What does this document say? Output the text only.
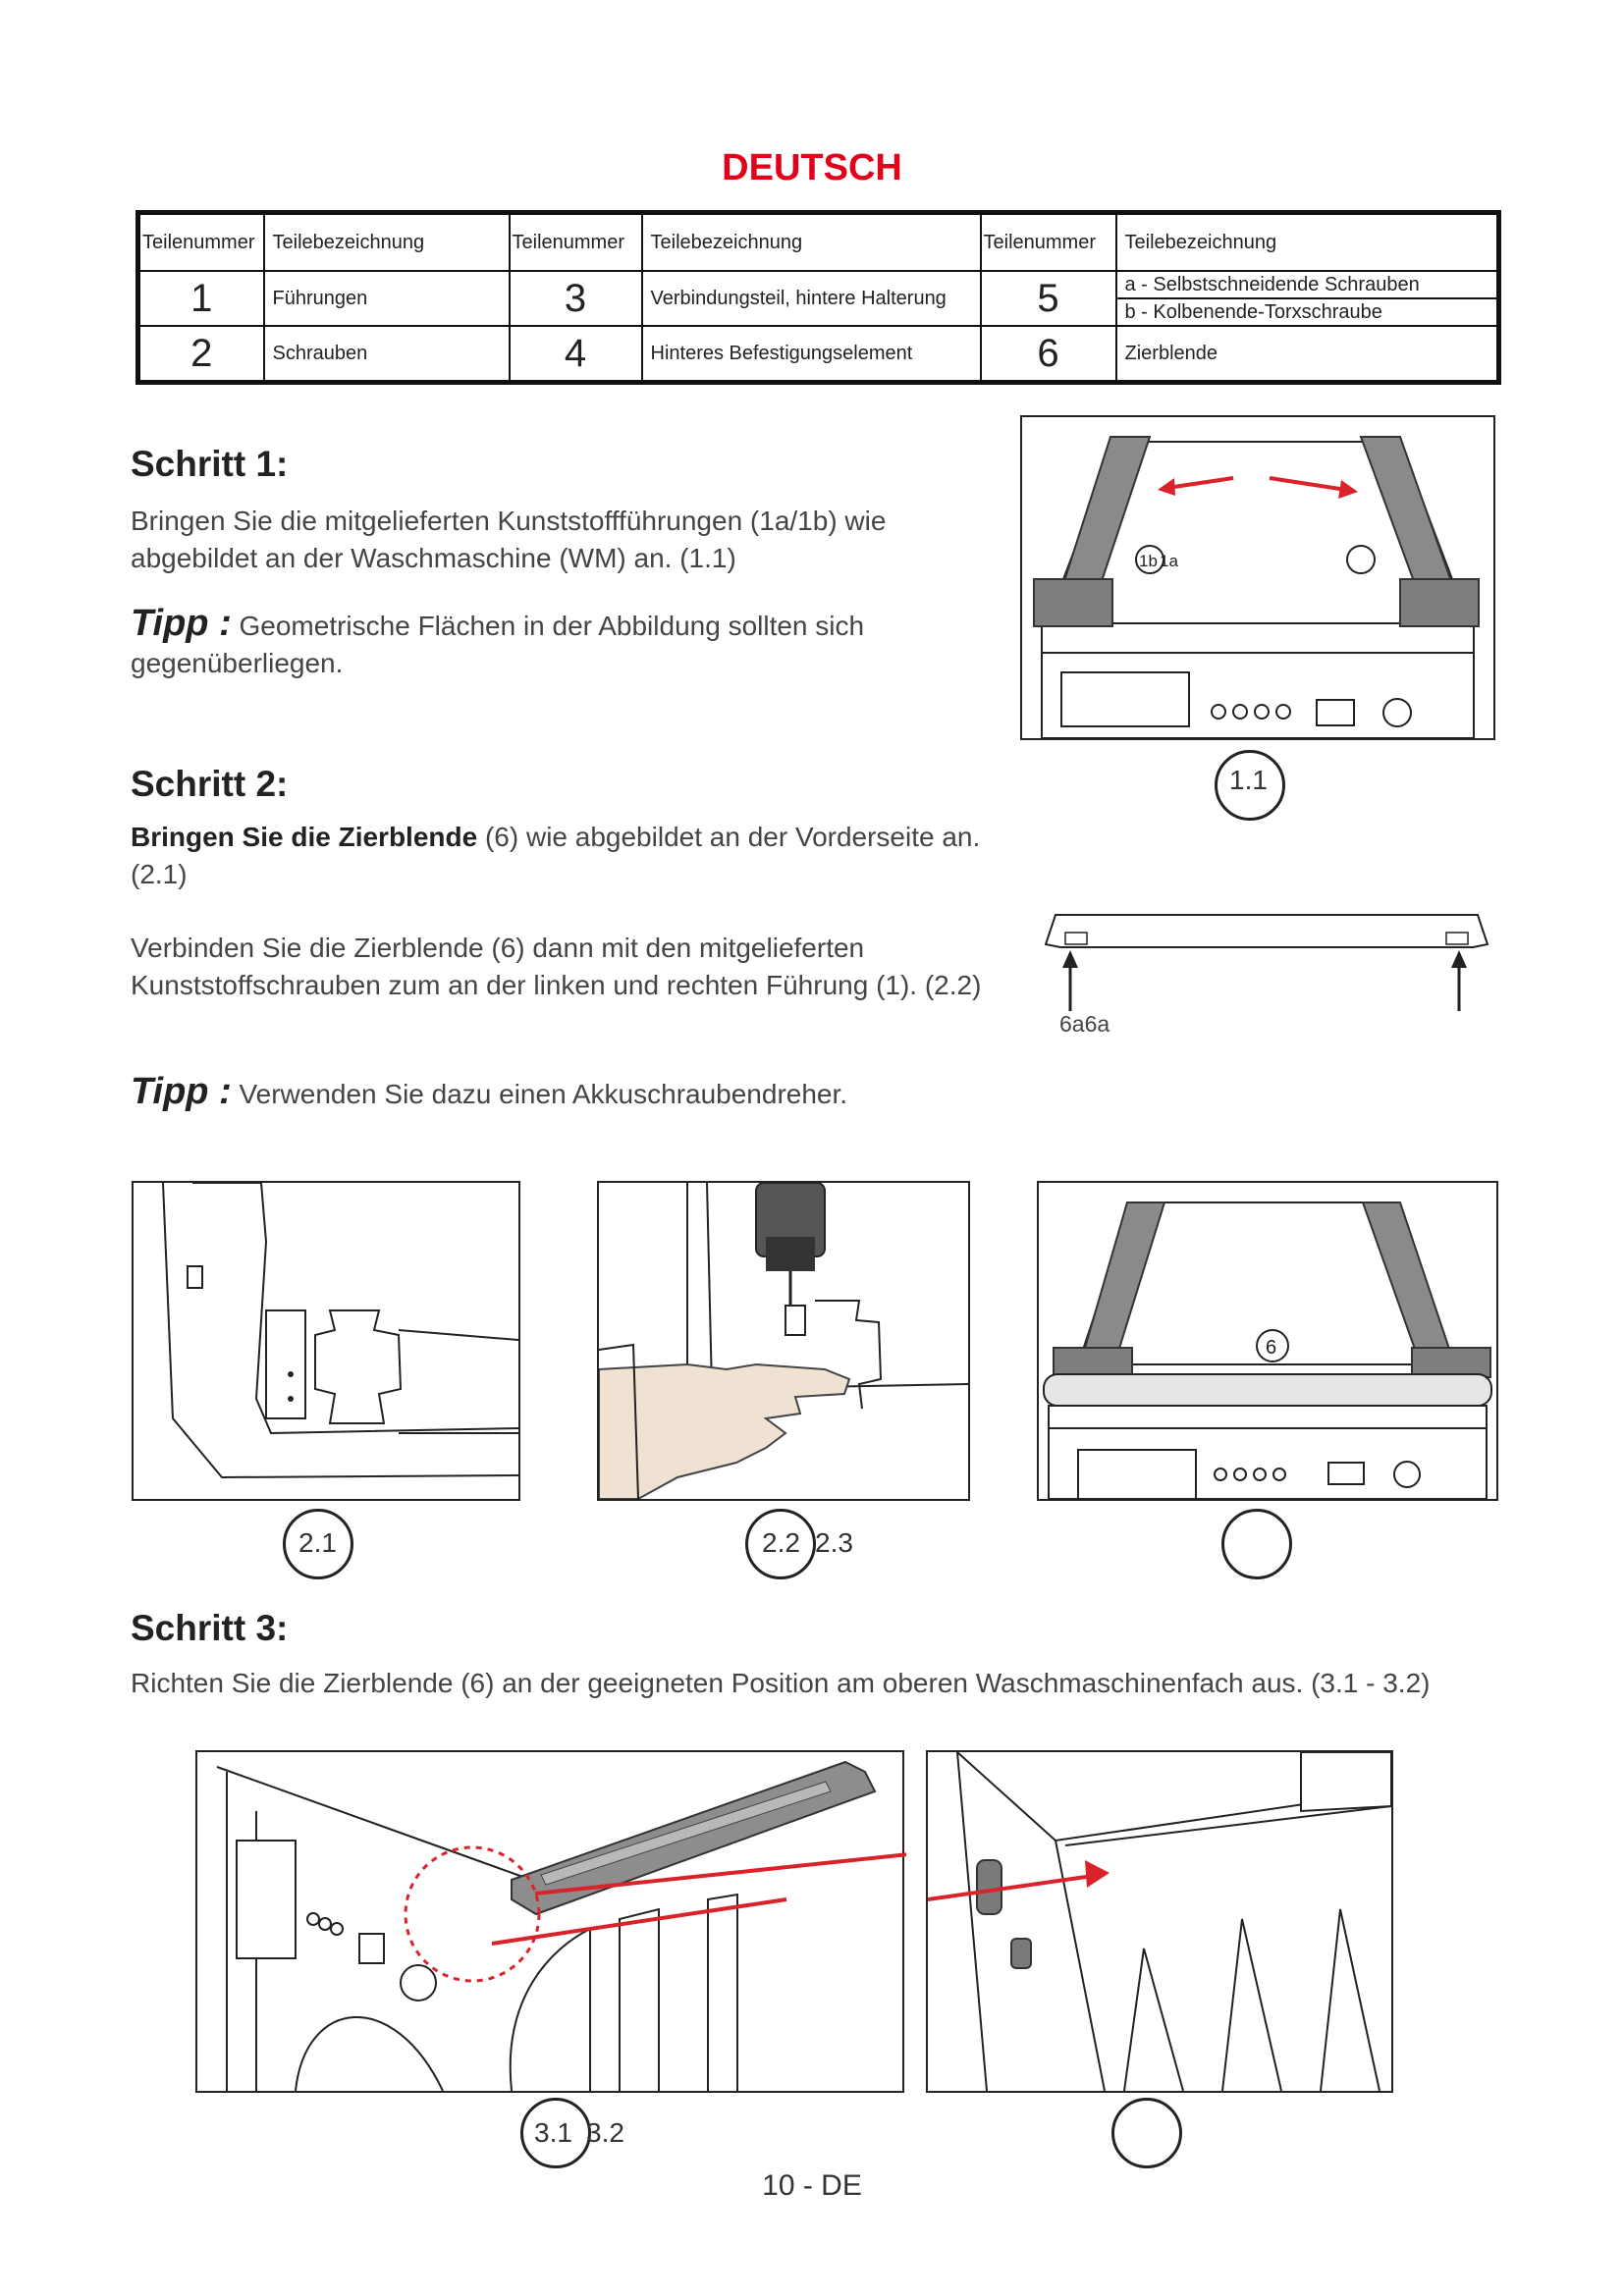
DEUTSCH
Teilenummer	Teilebezeichnung	Teilenummer	Teilebezeichnung	Teilenummer	Teilebezeichnung
1	Führungen	3	Verbindungsteil, hintere Halterung	5	a - Selbstschneidende Schrauben
b - Kolbenende-Torxschraube

2	Schrauben	4	Hinteres Befestigungselement	6	Zierblende
Schritt 1:

Bringen Sie die mitgelieferten Kunststoffführungen (1a/1b) wie abgebildet an der Waschmaschine (WM) an. (1.1)

Tipp : Geometrische Flächen in der Abbildung sollten sich gegenüberliegen.

1b 1a
1.1
Schritt 2:

Bringen Sie die Zierblende (6) wie abgebildet an der Vorderseite an. (2.1)

Verbinden Sie die Zierblende (6) dann mit den mitgelieferten Kunststoffschrauben zum an der linken und rechten Führung (1). (2.2)

Tipp : Verwenden Sie dazu einen Akkuschraubendreher.

6a6a
6
2.1	2.2 2.3
Schritt 3:

Richten Sie die Zierblende (6) an der geeigneten Position am oberen Waschmaschinenfach aus. (3.1 - 3.2)

3.1 3.2
10 - DE
